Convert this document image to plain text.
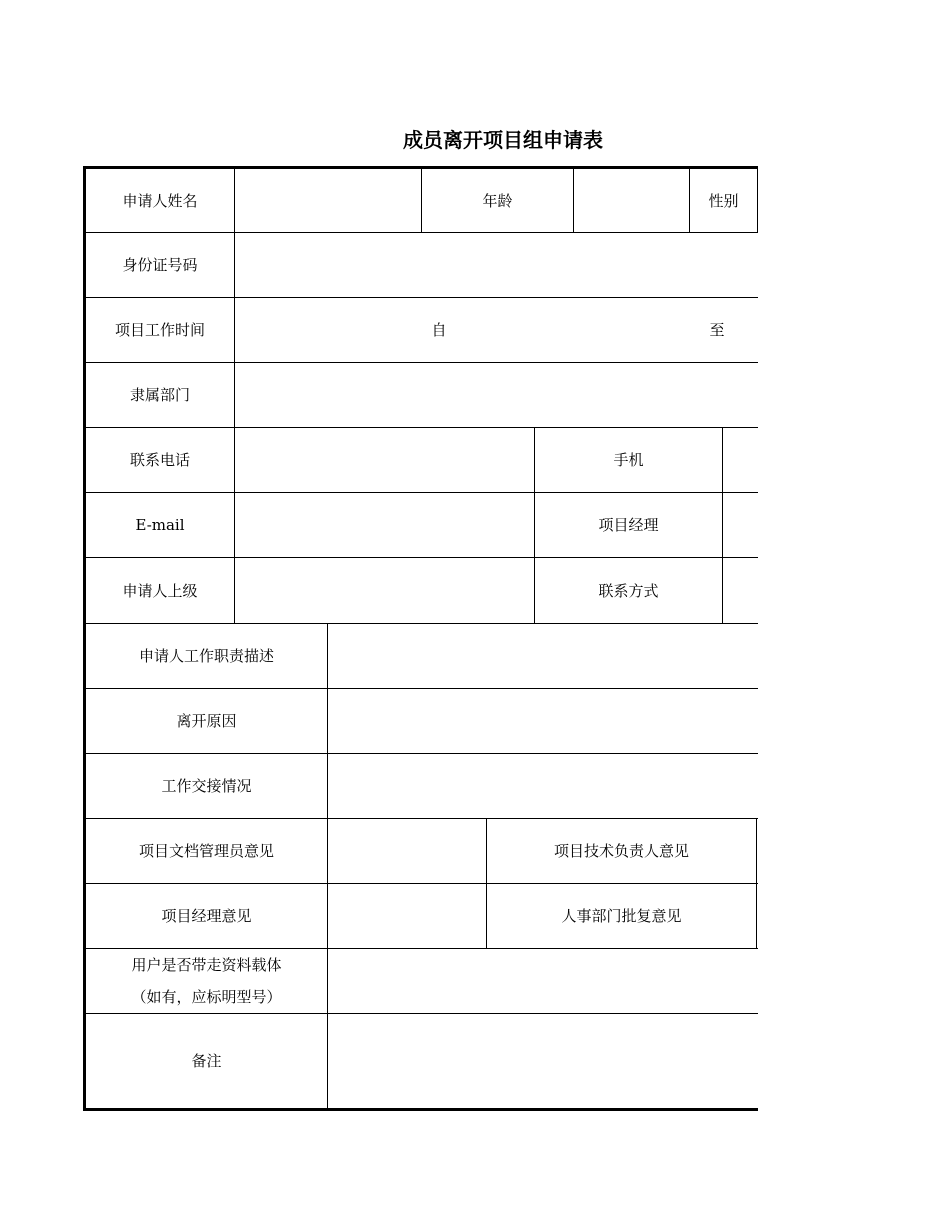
成员离开项目组申请表
申请人姓名	年龄	性别
身份证号码
项目工作时间	自	至
隶属部门
联系电话	手机
E-mail	项目经理
申请人上级	联系方式
申请人工作职责描述
离开原因
工作交接情况
项目文档管理员意见	项目技术负责人意见
项目经理意见	人事部门批复意见
用户是否带走资料载体
（如有，应标明型号）
备注
